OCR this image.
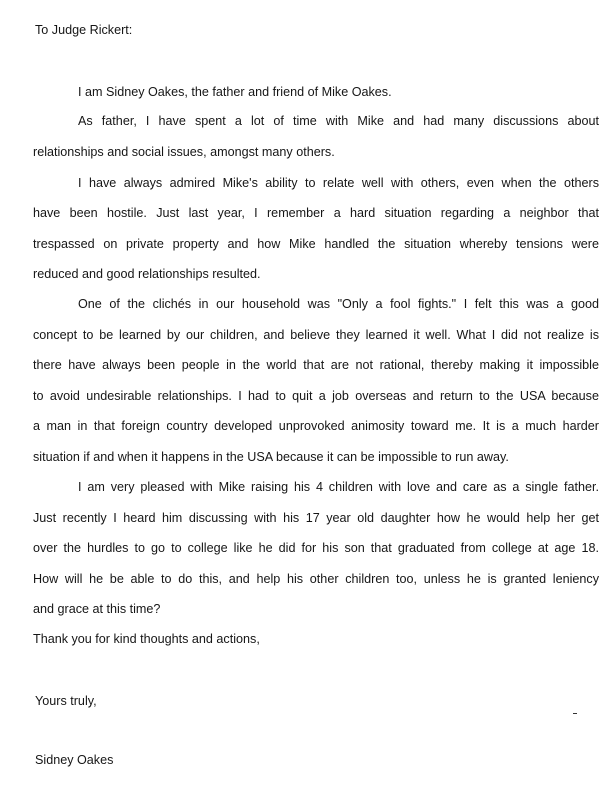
To Judge Rickert:

I am Sidney Oakes, the father and friend of Mike Oakes.

As father, I have spent a lot of time with Mike and had many discussions about

relationships and social issues, amongst many others.

I have always admired Mike's ability to relate well with others, even when the others

have been hostile. Just last year, I remember a hard situation regarding a neighbor that

trespassed on private property and how Mike handled the situation whereby tensions were

reduced and good relationships resulted.

One of the clichés in our household was "Only a fool fights." I felt this was a good

concept to be learned by our children, and believe they learned it well. What I did not realize is

there have always been people in the world that are not rational, thereby making it impossible

to avoid undesirable relationships. I had to quit a job overseas and return to the USA because

a man in that foreign country developed unprovoked animosity toward me. It is a much harder

situation if and when it happens in the USA because it can be impossible to run away.

I am very pleased with Mike raising his 4 children with love and care as a single father.

Just recently I heard him discussing with his 17 year old daughter how he would help her get

over the hurdles to go to college like he did for his son that graduated from college at age 18.

How will he be able to do this, and help his other children too, unless he is granted leniency

and grace at this time?

Thank you for kind thoughts and actions,

Yours truly,

Sidney Oakes
